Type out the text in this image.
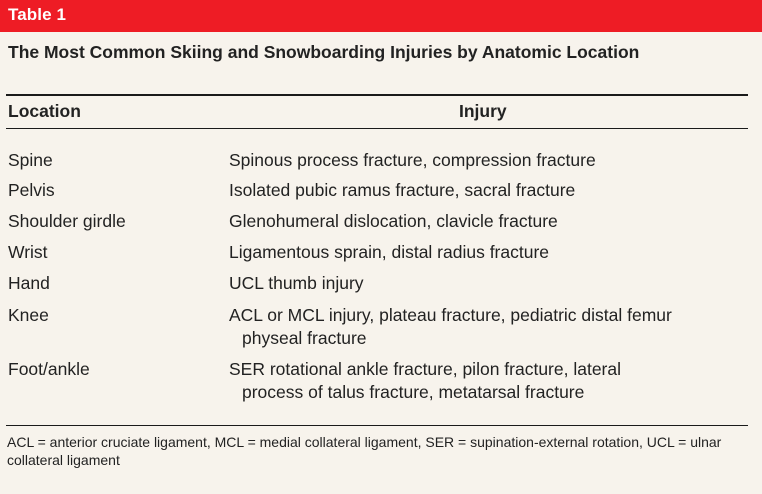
Table 1
The Most Common Skiing and Snowboarding Injuries by Anatomic Location
Location	Injury
Spine	Spinous process fracture, compression fracture
Pelvis	Isolated pubic ramus fracture, sacral fracture
Shoulder girdle	Glenohumeral dislocation, clavicle fracture
Wrist	Ligamentous sprain, distal radius fracture
Hand	UCL thumb injury
Knee	ACL or MCL injury, plateau fracture, pediatric distal femur
physeal fracture
Foot/ankle	SER rotational ankle fracture, pilon fracture, lateral
process of talus fracture, metatarsal fracture
ACL = anterior cruciate ligament, MCL = medial collateral ligament, SER = supination-external rotation, UCL = ulnar collateral ligament
